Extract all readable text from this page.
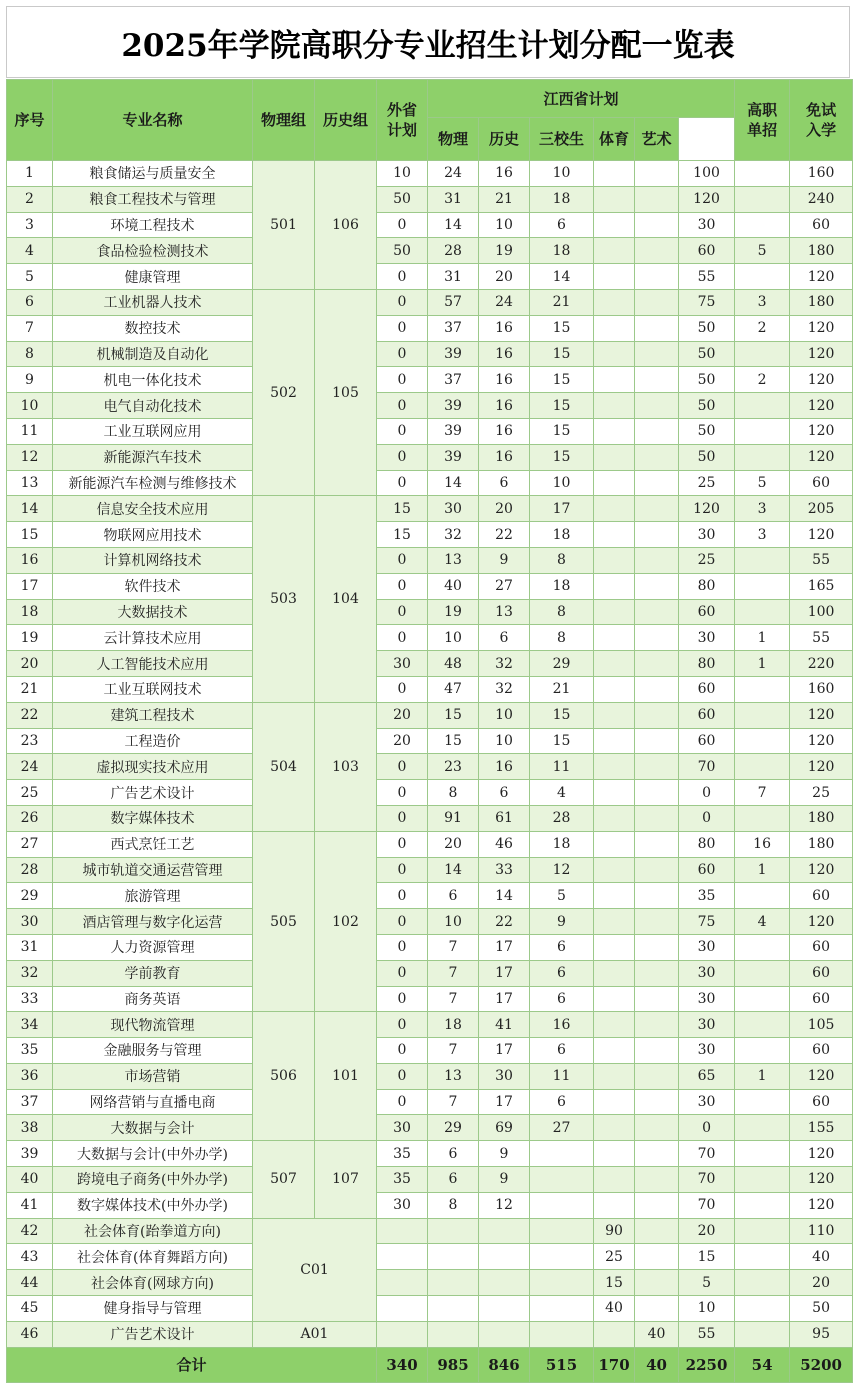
2025年学院高职分专业招生计划分配一览表
序号	专业名称	物理组	历史组	外省计划	江西省计划						高职单招	免试入学	
					物理	历史	三校生	体育	艺术				
1	粮食储运与质量安全	501	106	10	24	16	10			100		160	
2	粮食工程技术与管理			50	31	21	18			120		240	
3	环境工程技术			0	14	10	6			30		60	
4	食品检验检测技术			50	28	19	18			60	5	180	
5	健康管理			0	31	20	14			55		120	
6	工业机器人技术	502	105	0	57	24	21			75	3	180	
7	数控技术			0	37	16	15			50	2	120	
8	机械制造及自动化			0	39	16	15			50		120	
9	机电一体化技术			0	37	16	15			50	2	120	
10	电气自动化技术			0	39	16	15			50		120	
11	工业互联网应用			0	39	16	15			50		120	
12	新能源汽车技术			0	39	16	15			50		120	
13	新能源汽车检测与维修技术			0	14	6	10			25	5	60	
14	信息安全技术应用	503	104	15	30	20	17			120	3	205	
15	物联网应用技术			15	32	22	18			30	3	120	
16	计算机网络技术			0	13	9	8			25		55	
17	软件技术			0	40	27	18			80		165	
18	大数据技术			0	19	13	8			60		100	
19	云计算技术应用			0	10	6	8			30	1	55	
20	人工智能技术应用			30	48	32	29			80	1	220	
21	工业互联网技术			0	47	32	21			60		160	
22	建筑工程技术	504	103	20	15	10	15			60		120	
23	工程造价			20	15	10	15			60		120	
24	虚拟现实技术应用			0	23	16	11			70		120	
25	广告艺术设计			0	8	6	4			0	7	25	
26	数字媒体技术			0	91	61	28			0		180	
27	西式烹饪工艺	505	102	0	20	46	18			80	16	180	
28	城市轨道交通运营管理			0	14	33	12			60	1	120	
29	旅游管理			0	6	14	5			35		60	
30	酒店管理与数字化运营			0	10	22	9			75	4	120	
31	人力资源管理			0	7	17	6			30		60	
32	学前教育			0	7	17	6			30		60	
33	商务英语			0	7	17	6			30		60	
34	现代物流管理	506	101	0	18	41	16			30		105	
35	金融服务与管理			0	7	17	6			30		60	
36	市场营销			0	13	30	11			65	1	120	
37	网络营销与直播电商			0	7	17	6			30		60	
38	大数据与会计			30	29	69	27			0		155	
39	大数据与会计(中外办学)	507	107	35	6	9				70		120	
40	跨境电子商务(中外办学)			35	6	9				70		120	
41	数字媒体技术(中外办学)			30	8	12				70		120	
42	社会体育(跆拳道方向)	C01						90		20		110	
43	社会体育(体育舞蹈方向)							25		15		40	
44	社会体育(网球方向)							15		5		20	
45	健身指导与管理							40		10		50	
46	广告艺术设计	A01							40	55		95	
合计				340	985	846	515	170	40	2250	54	5200	
